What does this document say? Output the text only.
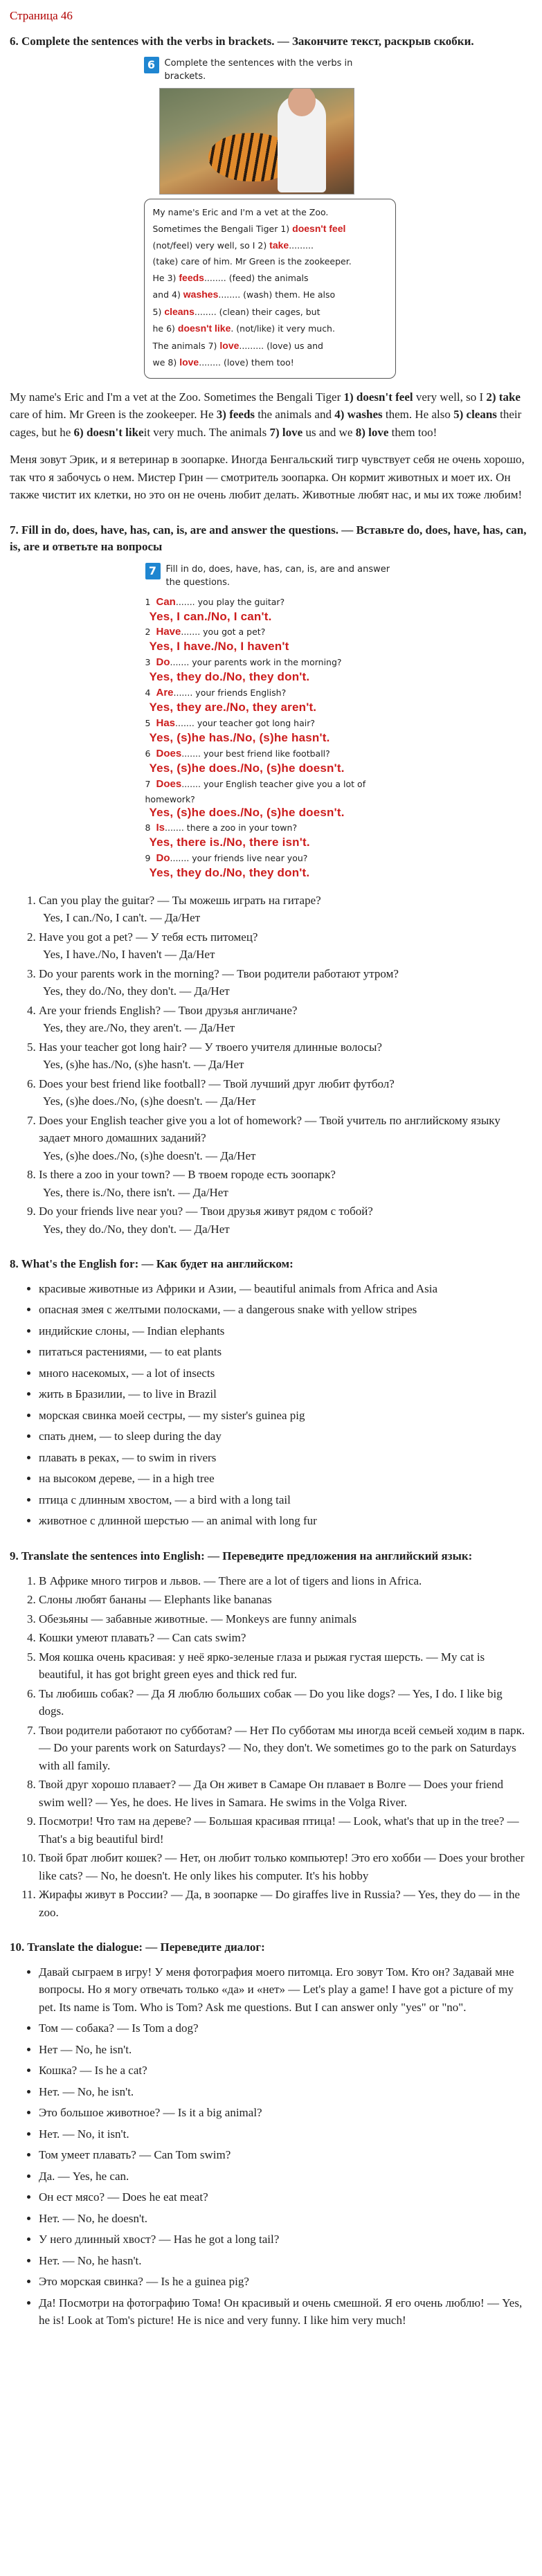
Страница 46
6. Complete the sentences with the verbs in brackets. — Закончите текст, раскрыв скобки.
6	Complete the sentences with the verbs in brackets.
My name's Eric and I'm a vet at the Zoo.
Sometimes the Bengali Tiger 1) doesn't feel
(not/feel) very well, so I 2) take.........
(take) care of him. Mr Green is the zookeeper.
He 3) feeds........ (feed) the animals
and 4) washes........ (wash) them. He also
5) cleans........ (clean) their cages, but
he 6) doesn't like. (not/like) it very much.
The animals 7) love......... (love) us and
we 8) love........ (love) them too!

My name's Eric and I'm a vet at the Zoo. Sometimes the Bengali Tiger 1) doesn't feel very well, so I 2) take care of him. Mr Green is the zookeeper. He 3) feeds the animals and 4) washes them. He also 5) cleans their cages, but he 6) doesn't likeit very much. The animals 7) love us and we 8) love them too!

Меня зовут Эрик, и я ветеринар в зоопарке. Иногда Бенгальский тигр чувствует себя не очень хорошо, так что я забочусь о нем. Мистер Грин — смотритель зоопарка. Он кормит животных и моет их. Он также чистит их клетки, но это он не очень любит делать. Животные любят нас, и мы их тоже любим!

7. Fill in do, does, have, has, can, is, are and answer the questions. — Вставьте do, does, have, has, can, is, are и ответьте на вопросы
7	Fill in do, does, have, has, can, is, are and answer the questions.
1 Can....... you play the guitar?
Yes, I can./No, I can't.
2 Have....... you got a pet?
Yes, I have./No, I haven't
3 Do....... your parents work in the morning?
Yes, they do./No, they don't.
4 Are....... your friends English?
Yes, they are./No, they aren't.
5 Has....... your teacher got long hair?
Yes, (s)he has./No, (s)he hasn't.
6 Does....... your best friend like football?
Yes, (s)he does./No, (s)he doesn't.
7 Does....... your English teacher give you a lot of homework?
Yes, (s)he does./No, (s)he doesn't.
8 Is....... there a zoo in your town?
Yes, there is./No, there isn't.
9 Do....... your friends live near you?
Yes, they do./No, they don't.
1. Can you play the guitar? — Ты можешь играть на гитаре?
Yes, I can./No, I can't. — Да/Нет
2. Have you got a pet? — У тебя есть питомец?
Yes, I have./No, I haven't — Да/Нет
3. Do your parents work in the morning? — Твои родители работают утром?
Yes, they do./No, they don't. — Да/Нет
4. Are your friends English? — Твои друзья англичане?
Yes, they are./No, they aren't. — Да/Нет
5. Has your teacher got long hair? — У твоего учителя длинные волосы?
Yes, (s)he has./No, (s)he hasn't. — Да/Нет
6. Does your best friend like football? — Твой лучший друг любит футбол?
Yes, (s)he does./No, (s)he doesn't. — Да/Нет
7. Does your English teacher give you a lot of homework? — Твой учитель по английскому языку задает много домашних заданий?
Yes, (s)he does./No, (s)he doesn't. — Да/Нет
8. Is there a zoo in your town? — В твоем городе есть зоопарк?
Yes, there is./No, there isn't. — Да/Нет
9. Do your friends live near you? — Твои друзья живут рядом с тобой?
Yes, they do./No, they don't. — Да/Нет
8. What's the English for: — Как будет на английском:
• красивые животные из Африки и Азии, — beautiful animals from Africa and Asia
• опасная змея с желтыми полосками, — a dangerous snake with yellow stripes
• индийские слоны, — Indian elephants
• питаться растениями, — to eat plants
• много насекомых, — a lot of insects
• жить в Бразилии, — to live in Brazil
• морская свинка моей сестры, — my sister's guinea pig
• спать днем, — to sleep during the day
• плавать в реках, — to swim in rivers
• на высоком дереве, — in a high tree
• птица с длинным хвостом, — a bird with a long tail
• животное с длинной шерстью — an animal with long fur
9. Translate the sentences into English: — Переведите предложения на английский язык:
1. В Африке много тигров и львов. — There are a lot of tigers and lions in Africa.
2. Слоны любят бананы — Elephants like bananas
3. Обезьяны — забавные животные. — Monkeys are funny animals
4. Кошки умеют плавать? — Can cats swim?
5. Моя кошка очень красивая: у неё ярко-зеленые глаза и рыжая густая шерсть. — My cat is beautiful, it has got bright green eyes and thick red fur.
6. Ты любишь собак? — Да Я люблю больших собак — Do you like dogs? — Yes, I do. I like big dogs.
7. Твои родители работают по субботам? — Нет По субботам мы иногда всей семьей ходим в парк. — Do your parents work on Saturdays? — No, they don't. We sometimes go to the park on Saturdays with all family.
8. Твой друг хорошо плавает? — Да Он живет в Самаре Он плавает в Волге — Does your friend swim well? — Yes, he does. He lives in Samara. He swims in the Volga River.
9. Посмотри! Что там на дереве? — Большая красивая птица! — Look, what's that up in the tree? — That's a big beautiful bird!
10. Твой брат любит кошек? — Нет, он любит только компьютер! Это его хобби — Does your brother like cats? — No, he doesn't. He only likes his computer. It's his hobby
11. Жирафы живут в России? — Да, в зоопарке — Do giraffes live in Russia? — Yes, they do — in the zoo.
10. Translate the dialogue: — Переведите диалог:
• Давай сыграем в игру! У меня фотография моего питомца. Его зовут Том. Кто он? Задавай мне вопросы. Но я могу отвечать только «да» и «нет» — Let's play a game! I have got a picture of my pet. Its name is Tom. Who is Tom? Ask me questions. But I can answer only "yes" or "no".
• Том — собака? — Is Tom a dog?
• Нет — No, he isn't.
• Кошка? — Is he a cat?
• Нет. — No, he isn't.
• Это большое животное? — Is it a big animal?
• Нет. — No, it isn't.
• Том умеет плавать? — Can Tom swim?
• Да. — Yes, he can.
• Он ест мясо? — Does he eat meat?
• Нет. — No, he doesn't.
• У него длинный хвост? — Has he got a long tail?
• Нет. — No, he hasn't.
• Это морская свинка? — Is he a guinea pig?
• Да! Посмотри на фотографию Тома! Он красивый и очень смешной. Я его очень люблю! — Yes, he is! Look at Tom's picture! He is nice and very funny. I like him very much!
